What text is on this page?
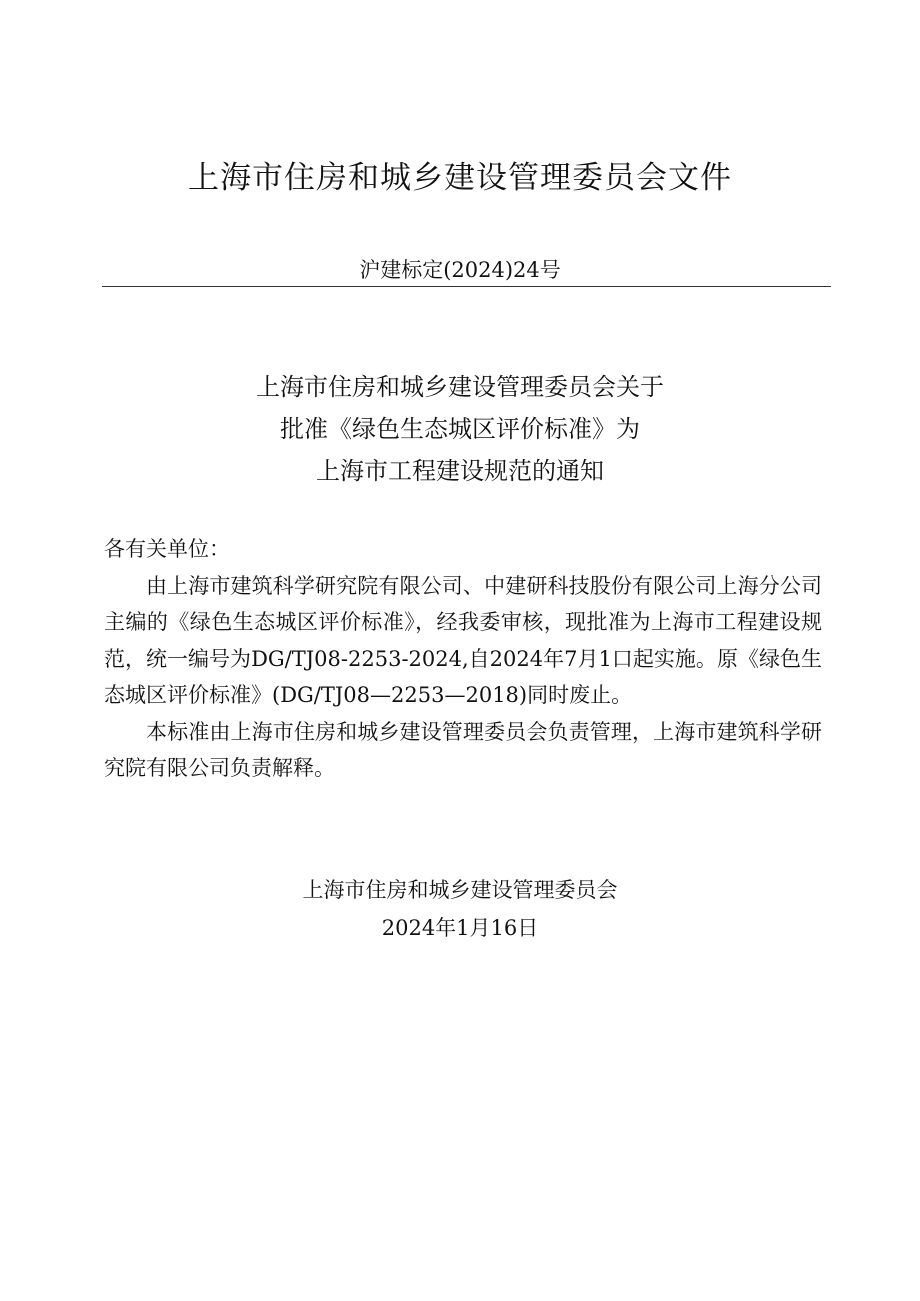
上海市住房和城乡建设管理委员会文件
沪建标定(2024)24号
上海市住房和城乡建设管理委员会关于
批准《绿色生态城区评价标准》为
上海市工程建设规范的通知

各有关单位：

由上海市建筑科学研究院有限公司、中建研科技股份有限公司上海分公司主编的《绿色生态城区评价标准》，经我委审核，现批准为上海市工程建设规范，统一编号为DG/TJ08-2253-2024,自2024年7月1口起实施。原《绿色生态城区评价标准》(DG/TJ08—2253—2018)同时废止。

本标准由上海市住房和城乡建设管理委员会负责管理，上海市建筑科学研究院有限公司负责解释。

上海市住房和城乡建设管理委员会
2024年1月16日
